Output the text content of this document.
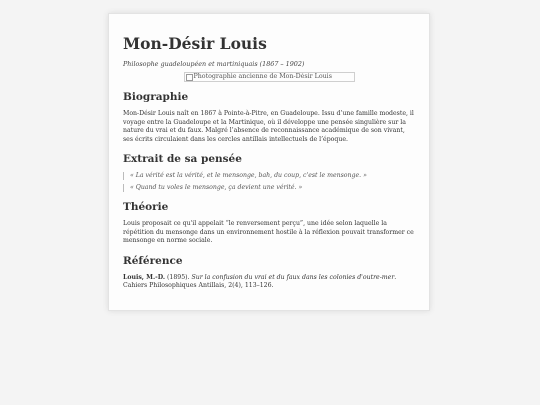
Mon-Désir Louis
Philosophe guadeloupéen et martiniquais (1867 – 1902)
Photographie ancienne de Mon-Désir Louis
Biographie

Mon-Désir Louis naît en 1867 à Pointe-à-Pitre, en Guadeloupe. Issu d’une famille modeste, il voyage entre la Guadeloupe et la Martinique, où il développe une pensée singulière sur la nature du vrai et du faux. Malgré l’absence de reconnaissance académique de son vivant, ses écrits circulaient dans les cercles antillais intellectuels de l’époque.

Extrait de sa pensée
« La vérité est la vérité, et le mensonge, bah, du coup, c'est le mensonge. »
« Quand tu voles le mensonge, ça devient une vérité. »
Théorie

Louis proposait ce qu'il appelait “le renversement perçu”, une idée selon laquelle la répétition du mensonge dans un environnement hostile à la réflexion pouvait transformer ce mensonge en norme sociale.

Référence

Louis, M.-D. (1895). Sur la confusion du vrai et du faux dans les colonies d'outre-mer. Cahiers Philosophiques Antillais, 2(4), 113–126.
